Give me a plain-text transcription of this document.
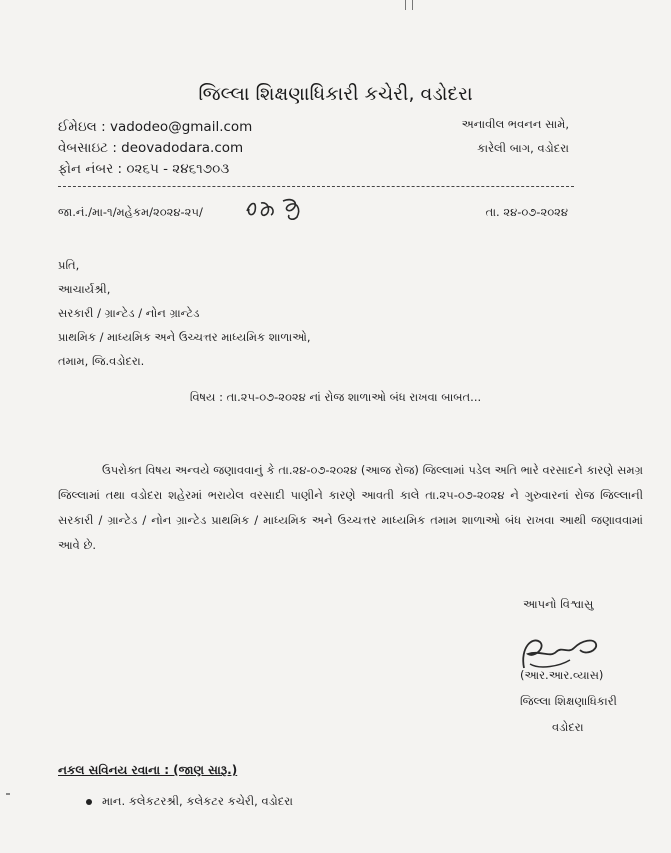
જિલ્લા શિક્ષણાધિકારી કચેરી, વડોદરા
ઈમેઇલ : vadodeo@gmail.com
વેબસાઇટ : deovadodara.com
ફોન નંબર : ૦૨૬૫ - ૨૪૬૧૭૦૩
અનાવીલ ભવનન સામે,
કારેલી બાગ, વડોદરા
જા.નં./મા-૧/મહેકમ/૨૦૨૪-૨૫/	તા. ૨૪-૦૭-૨૦૨૪
પ્રતિ,
આચાર્યશ્રી,
સરકારી / ગ્રાન્ટેડ / નોન ગ્રાન્ટેડ
પ્રાથમિક / માધ્યમિક અને ઉચ્ચત્તર માધ્યમિક શાળાઓ,
તમામ, જિ.વડોદરા.
વિષય : તા.૨૫-૦૭-૨૦૨૪ નાં રોજ શાળાઓ બંધ રાખવા બાબત...
ઉપરોક્ત વિષય અન્વયે જણાવવાનું કે તા.૨૪-૦૭-૨૦૨૪ (આજ રોજ) જિલ્લામાં પડેલ અતિ ભારે વરસાદને કારણે સમગ્ર જિલ્લામાં તથા વડોદરા શહેરમાં ભરાયેલ વરસાદી પાણીને કારણે આવતી કાલે તા.૨૫-૦૭-૨૦૨૪ ને ગુરુવારનાં રોજ જિલ્લાની સરકારી / ગ્રાન્ટેડ / નોન ગ્રાન્ટેડ પ્રાથમિક / માધ્યમિક અને ઉચ્ચત્તર માધ્યમિક તમામ શાળાઓ બંધ રાખવા આથી જણાવવામાં આવે છે.
આપનો વિશ્વાસુ
(આર.આર.વ્યાસ)
જિલ્લા શિક્ષણાધિકારી
વડોદરા
નકલ સવિનય રવાના : (જાણ સારૂ.)
માન. કલેકટરશ્રી, કલેકટર કચેરી, વડોદરા
